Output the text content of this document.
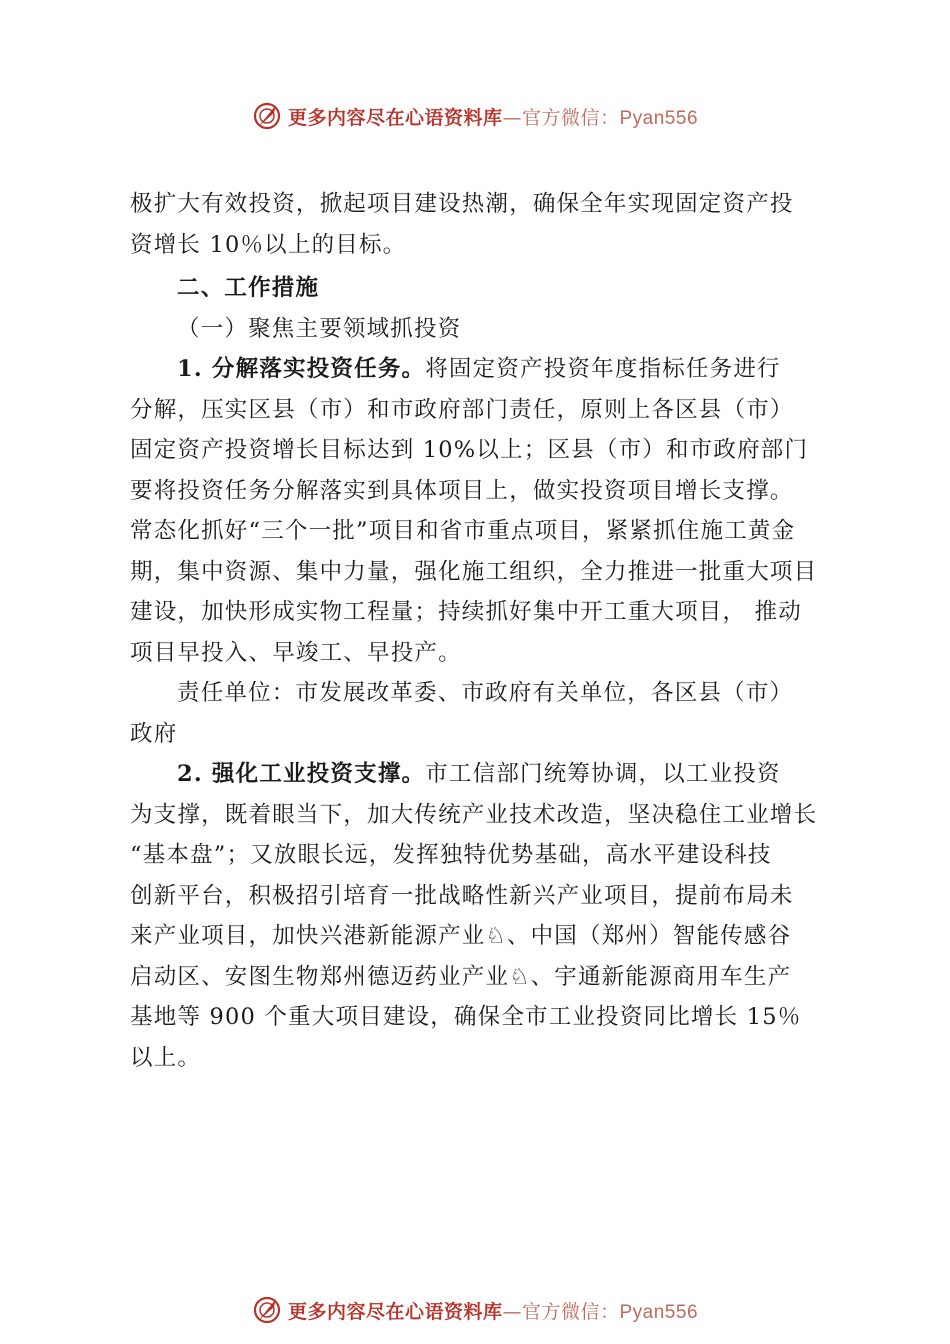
更多内容尽在心语资料库—官方微信：Pyan556
极扩大有效投资，掀起项目建设热潮，确保全年实现固定资产投
资增长 10％以上的目标。
二、工作措施
（一）聚焦主要领域抓投资
1. 分解落实投资任务。将固定资产投资年度指标任务进行
分解，压实区县（市）和市政府部门责任，原则上各区县（市）
固定资产投资增长目标达到 10%以上；区县（市）和市政府部门
要将投资任务分解落实到具体项目上，做实投资项目增长支撑。
常态化抓好“三个一批”项目和省市重点项目，紧紧抓住施工黄金
期，集中资源、集中力量，强化施工组织，全力推进一批重大项目
建设，加快形成实物工程量；持续抓好集中开工重大项目， 推动
项目早投入、早竣工、早投产。
责任单位：市发展改革委、市政府有关单位，各区县（市）
政府
2. 强化工业投资支撑。市工信部门统筹协调，以工业投资
为支撑，既着眼当下，加大传统产业技术改造，坚决稳住工业增长
“基本盘”；又放眼长远，发挥独特优势基础，高水平建设科技
创新平台，积极招引培育一批战略性新兴产业项目，提前布局未
来产业项目，加快兴港新能源产业♘、中国（郑州）智能传感谷
启动区、安图生物郑州德迈药业产业♘、宇通新能源商用车生产
基地等 900 个重大项目建设，确保全市工业投资同比增长 15％
以上。
更多内容尽在心语资料库—官方微信：Pyan556
